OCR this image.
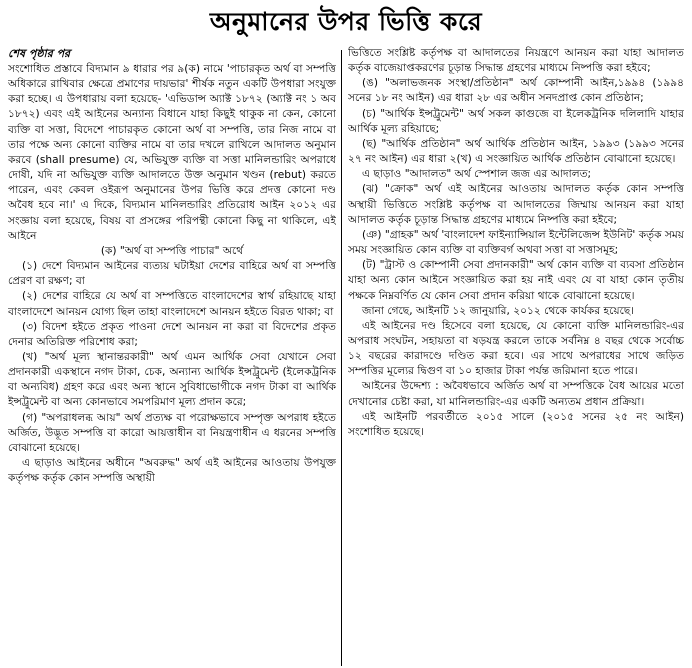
অনুমানের উপর ভিত্তি করে
শেষ পৃষ্ঠার পর

সংশোধিত প্রস্তাবে বিদ্যমান ৯ ধারার পর ৯(ক) নামে 'পাচারকৃত অর্থ বা সম্পত্তি অধিকারে রাখিবার ক্ষেত্রে প্রমাণের দায়ভার' শীর্ষক নতুন একটি উপধারা সংযুক্ত করা হচ্ছে। এ উপধারায় বলা হয়েছে- 'এভিডান্স অ্যাক্ট ১৮৭২ (অ্যাক্ট নং ১ অব ১৮৭২) এবং এই আইনের অন্যান্য বিধানে যাহা কিছুই থাকুক না কেন, কোনো ব্যক্তি বা সত্তা, বিদেশে পাচারকৃত কোনো অর্থ বা সম্পত্তি, তার নিজ নামে বা তার পক্ষে অন্য কোনো ব্যক্তির নামে বা তার দখলে রাখিলে আদালত অনুমান করবে (shall presume) যে, অভিযুক্ত ব্যক্তি বা সত্তা মানিলন্ডারিং অপরাধে দোষী, যদি না অভিযুক্ত ব্যক্তি আদালতে উক্ত অনুমান খণ্ডন (rebut) করতে পারেন, এবং কেবল ওইরূপ অনুমানের উপর ভিত্তি করে প্রদত্ত কোনো দণ্ড অবৈধ হবে না।' এ দিকে, বিদ্যমান মানিলন্ডারিং প্রতিরোধ আইন ২০১২ এর সংজ্ঞায় বলা হয়েছে, বিষয় বা প্রসঙ্গের পরিপন্থী কোনো কিছু না থাকিলে, এই আইনে

(ক) "অর্থ বা সম্পত্তি পাচার" অর্থে

(১) দেশে বিদ্যমান আইনের ব্যত্যয় ঘটাইয়া দেশের বাহিরে অর্থ বা সম্পত্তি প্রেরণ বা রক্ষণ; বা

(২) দেশের বাহিরে যে অর্থ বা সম্পত্তিতে বাংলাদেশের স্বার্থ রহিয়াছে যাহা বাংলাদেশে আনয়ন যোগ্য ছিল তাহা বাংলাদেশে আনয়ন হইতে বিরত থাকা; বা

(৩) বিদেশ হইতে প্রকৃত পাওনা দেশে আনয়ন না করা বা বিদেশের প্রকৃত দেনার অতিরিক্ত পরিশোধ করা;

(খ) "অর্থ মূল্য স্থানান্তরকারী" অর্থ এমন আর্থিক সেবা যেখানে সেবা প্রদানকারী একস্থানে নগদ টাকা, চেক, অন্যান্য আর্থিক ইন্সট্রুমেন্ট (ইলেকট্রনিক বা অন্যবিধ) গ্রহণ করে এবং অন্য স্থানে সুবিধাভোগীকে নগদ টাকা বা আর্থিক ইন্সট্রুমেন্ট বা অন্য কোনভাবে সমপরিমাণ মূল্য প্রদান করে;

(গ) "অপরাধলব্ধ আয়" অর্থ প্রত্যক্ষ বা পরোক্ষভাবে সম্পৃক্ত অপরাধ হইতে অর্জিত, উদ্ভূত সম্পত্তি বা কারো আয়ত্তাধীন বা নিয়ন্ত্রণাধীন এ ধরনের সম্পত্তি বোঝানো হয়েছে।

এ ছাড়াও আইনের অধীনে "অবরুদ্ধ" অর্থ এই আইনের আওতায় উপযুক্ত কর্তৃপক্ষ কর্তৃক কোন সম্পত্তি অস্থায়ী

ভিত্তিতে সংশ্লিষ্ট কর্তৃপক্ষ বা আদালতের নিয়ন্ত্রণে আনয়ন করা যাহা আদালত কর্তৃক বাজেয়াপ্তকরণের চূড়ান্ত সিদ্ধান্ত গ্রহণের মাধ্যমে নিষ্পত্তি করা হইবে;

(ঙ) "অলাভজনক সংস্থা/প্রতিষ্ঠান" অর্থ কোম্পানী আইন,১৯৯৪ (১৯৯৪ সনের ১৮ নং আইন) এর ধারা ২৮ এর অধীন সনদপ্রাপ্ত কোন প্রতিষ্ঠান;

(চ) "আর্থিক ইন্সট্রুমেন্ট" অর্থ সকল কাগুজে বা ইলেকট্রনিক দলিলাদি যাহার আর্থিক মূল্য রহিয়াছে;

(ছ) "আর্থিক প্রতিষ্ঠান" অর্থ আর্থিক প্রতিষ্ঠান আইন, ১৯৯৩ (১৯৯৩ সনের ২৭ নং আইন) এর ধারা ২(খ) এ সংজ্ঞায়িত আর্থিক প্রতিষ্ঠান বোঝানো হয়েছে।

এ ছাড়াও "আদালত" অর্থ স্পেশাল জজ এর আদালত;

(ঝ) "ক্রোক" অর্থ এই আইনের আওতায় আদালত কর্তৃক কোন সম্পত্তি অস্থায়ী ভিত্তিতে সংশ্লিষ্ট কর্তৃপক্ষ বা আদালতের জিম্মায় আনয়ন করা যাহা আদালত কর্তৃক চূড়ান্ত সিদ্ধান্ত গ্রহণের মাধ্যমে নিষ্পত্তি করা হইবে;

(ঞ) "গ্রাহক" অর্থ 'বাংলাদেশ ফাইন্যান্সিয়াল ইন্টেলিজেন্স ইউনিট' কর্তৃক সময় সময় সংজ্ঞায়িত কোন ব্যক্তি বা ব্যক্তিবর্গ অথবা সত্তা বা সত্তাসমূহ;

(ট) "ট্রাস্ট ও কোম্পানী সেবা প্রদানকারী" অর্থ কোন ব্যক্তি বা ব্যবসা প্রতিষ্ঠান যাহা অন্য কোন আইনে সংজ্ঞায়িত করা হয় নাই এবং যে বা যাহা কোন তৃতীয় পক্ষকে নিম্নবর্ণিত যে কোন সেবা প্রদান করিয়া থাকে বোঝানো হয়েছে।

জানা গেছে, আইনটি ১২ জানুয়ারি, ২০১২ থেকে কার্যকর হয়েছে।

এই আইনের দণ্ড হিসেবে বলা হয়েছে, যে কোনো ব্যক্তি মানিলন্ডারিং-এর অপরাধ সংঘটন, সহায়তা বা ষড়যন্ত্র করলে তাকে সর্বনিম্ন ৪ বছর থেকে সর্বোচ্চ ১২ বছরের কারাদণ্ডে দণ্ডিত করা হবে। এর সাথে অপরাধের সাথে জড়িত সম্পত্তির মূল্যের দ্বিগুণ বা ১০ হাজার টাকা পর্যন্ত জরিমানা হতে পারে।

আইনের উদ্দেশ্য : অবৈধভাবে অর্জিত অর্থ বা সম্পত্তিকে বৈধ আয়ের মতো দেখানোর চেষ্টা করা, যা মানিলন্ডারিং-এর একটি অন্যতম প্রধান প্রক্রিয়া।

এই আইনটি পরবর্তীতে ২০১৫ সালে (২০১৫ সনের ২৫ নং আইন) সংশোধিত হয়েছে।
